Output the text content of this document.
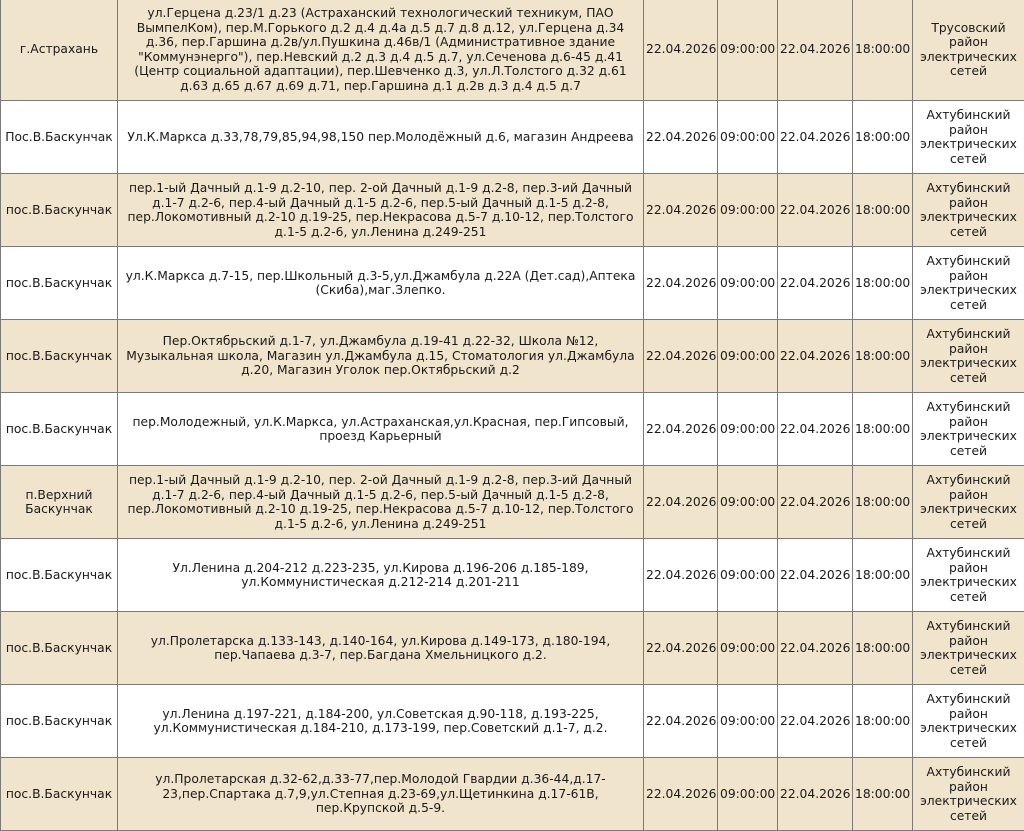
г.Астрахань	ул.Герцена д.23/1 д.23 (Астраханский технологический техникум, ПАО ВымпелКом), пер.М.Горького д.2 д.4 д.4а д.5 д.7 д.8 д.12, ул.Герцена д.34 д.36, пер.Гаршина д.2в/ул.Пушкина д.46в/1 (Административное здание "Коммунэнерго"), пер.Невский д.2 д.3 д.4 д.5 д.7, ул.Сеченова д.6-45 д.41 (Центр социальной адаптации), пер.Шевченко д.3, ул.Л.Толстого д.32 д.61 д.63 д.65 д.67 д.69 д.71, пер.Гаршина д.1 д.2в д.3 д.4 д.5 д.7	22.04.2026	09:00:00	22.04.2026	18:00:00	Трусовский район электрических сетей
Пос.В.Баскунчак	Ул.К.Маркса д.33,78,79,85,94,98,150 пер.Молодёжный д.6, магазин Андреева	22.04.2026	09:00:00	22.04.2026	18:00:00	Ахтубинский район электрических сетей
пос.В.Баскунчак	пер.1-ый Дачный д.1-9 д.2-10, пер. 2-ой Дачный д.1-9 д.2-8, пер.3-ий Дачный д.1-7 д.2-6, пер.4-ый Дачный д.1-5 д.2-6, пер.5-ый Дачный д.1-5 д.2-8, пер.Локомотивный д.2-10 д.19-25, пер.Некрасова д.5-7 д.10-12, пер.Толстого д.1-5 д.2-6, ул.Ленина д.249-251	22.04.2026	09:00:00	22.04.2026	18:00:00	Ахтубинский район электрических сетей
пос.В.Баскунчак	ул.К.Маркса д.7-15, пер.Школьный д.3-5,ул.Джамбула д.22А (Дет.сад),Аптека (Скиба),маг.Злепко.	22.04.2026	09:00:00	22.04.2026	18:00:00	Ахтубинский район электрических сетей
пос.В.Баскунчак	Пер.Октябрьский д.1-7, ул.Джамбула д.19-41 д.22-32, Школа №12, Музыкальная школа, Магазин ул.Джамбула д.15, Стоматология ул.Джамбула д.20, Магазин Уголок пер.Октябрьский д.2	22.04.2026	09:00:00	22.04.2026	18:00:00	Ахтубинский район электрических сетей
пос.В.Баскунчак	пер.Молодежный, ул.К.Маркса, ул.Астраханская,ул.Красная, пер.Гипсовый, проезд Карьерный	22.04.2026	09:00:00	22.04.2026	18:00:00	Ахтубинский район электрических сетей
п.Верхний Баскунчак	пер.1-ый Дачный д.1-9 д.2-10, пер. 2-ой Дачный д.1-9 д.2-8, пер.3-ий Дачный д.1-7 д.2-6, пер.4-ый Дачный д.1-5 д.2-6, пер.5-ый Дачный д.1-5 д.2-8, пер.Локомотивный д.2-10 д.19-25, пер.Некрасова д.5-7 д.10-12, пер.Толстого д.1-5 д.2-6, ул.Ленина д.249-251	22.04.2026	09:00:00	22.04.2026	18:00:00	Ахтубинский район электрических сетей
пос.В.Баскунчак	Ул.Ленина д.204-212 д.223-235, ул.Кирова д.196-206 д.185-189, ул.Коммунистическая д.212-214 д.201-211	22.04.2026	09:00:00	22.04.2026	18:00:00	Ахтубинский район электрических сетей
пос.В.Баскунчак	ул.Пролетарска д.133-143, д.140-164, ул.Кирова д.149-173, д.180-194, пер.Чапаева д.3-7, пер.Багдана Хмельницкого д.2.	22.04.2026	09:00:00	22.04.2026	18:00:00	Ахтубинский район электрических сетей
пос.В.Баскунчак	ул.Ленина д.197-221, д.184-200, ул.Советская д.90-118, д.193-225, ул.Коммунистическая д.184-210, д.173-199, пер.Советский д.1-7, д.2.	22.04.2026	09:00:00	22.04.2026	18:00:00	Ахтубинский район электрических сетей
пос.В.Баскунчак	ул.Пролетарская д.32-62,д.33-77,пер.Молодой Гвардии д.36-44,д.17-23,пер.Спартака д.7,9,ул.Степная д.23-69,ул.Щетинкина д.17-61В, пер.Крупской д.5-9.	22.04.2026	09:00:00	22.04.2026	18:00:00	Ахтубинский район электрических сетей
